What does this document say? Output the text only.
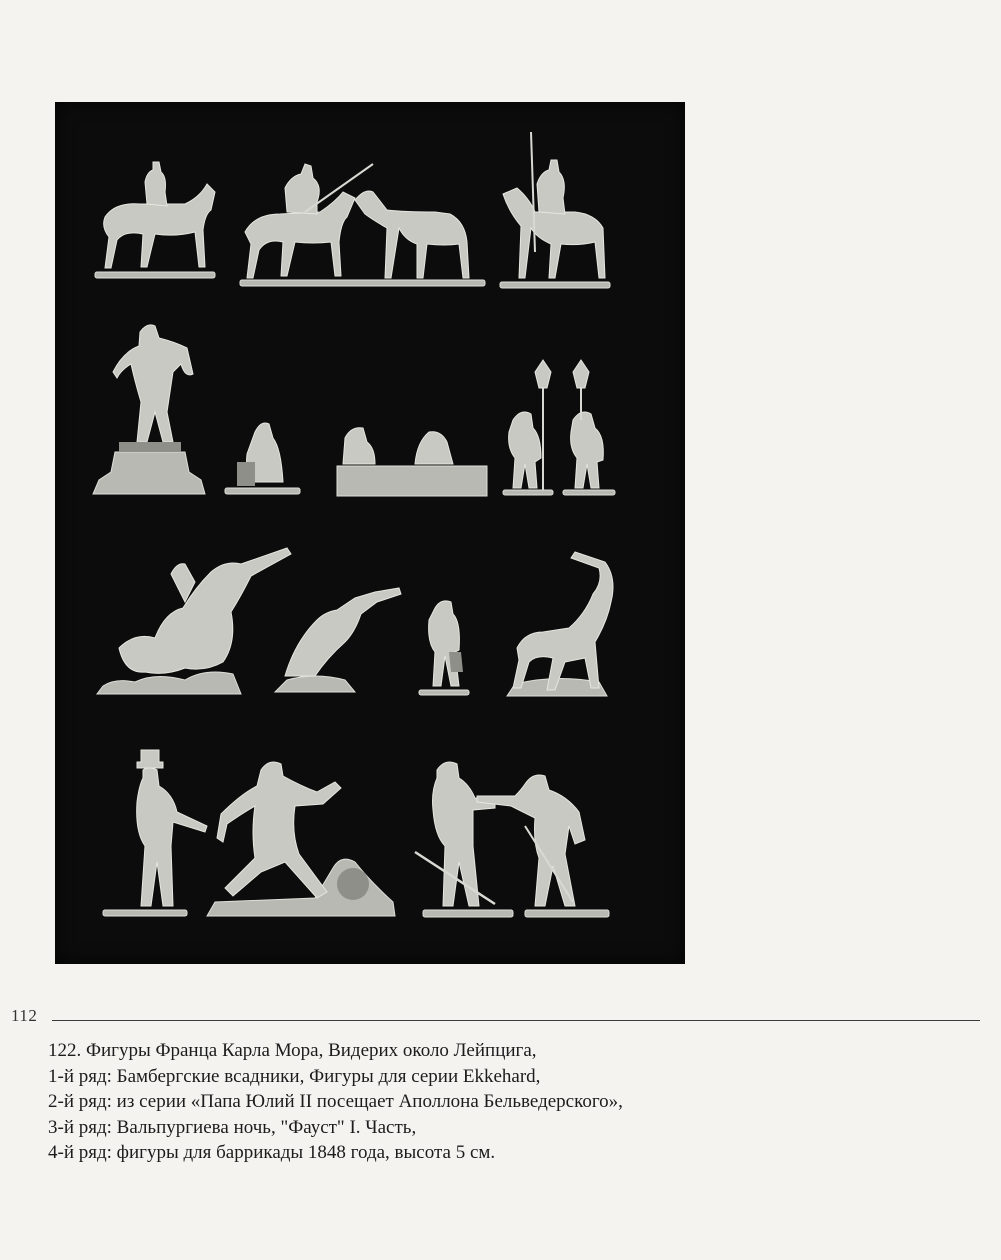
112
122. Фигуры Франца Карла Мора, Видерих около Лейпцига,
1-й ряд: Бамбергские всадники, Фигуры для серии Ekkehard,
2-й ряд: из серии «Папа Юлий II посещает Аполлона Бельведерского»,
3-й ряд: Вальпургиева ночь, "Фауст" I. Часть,
4-й ряд: фигуры для баррикады 1848 года, высота 5 см.
